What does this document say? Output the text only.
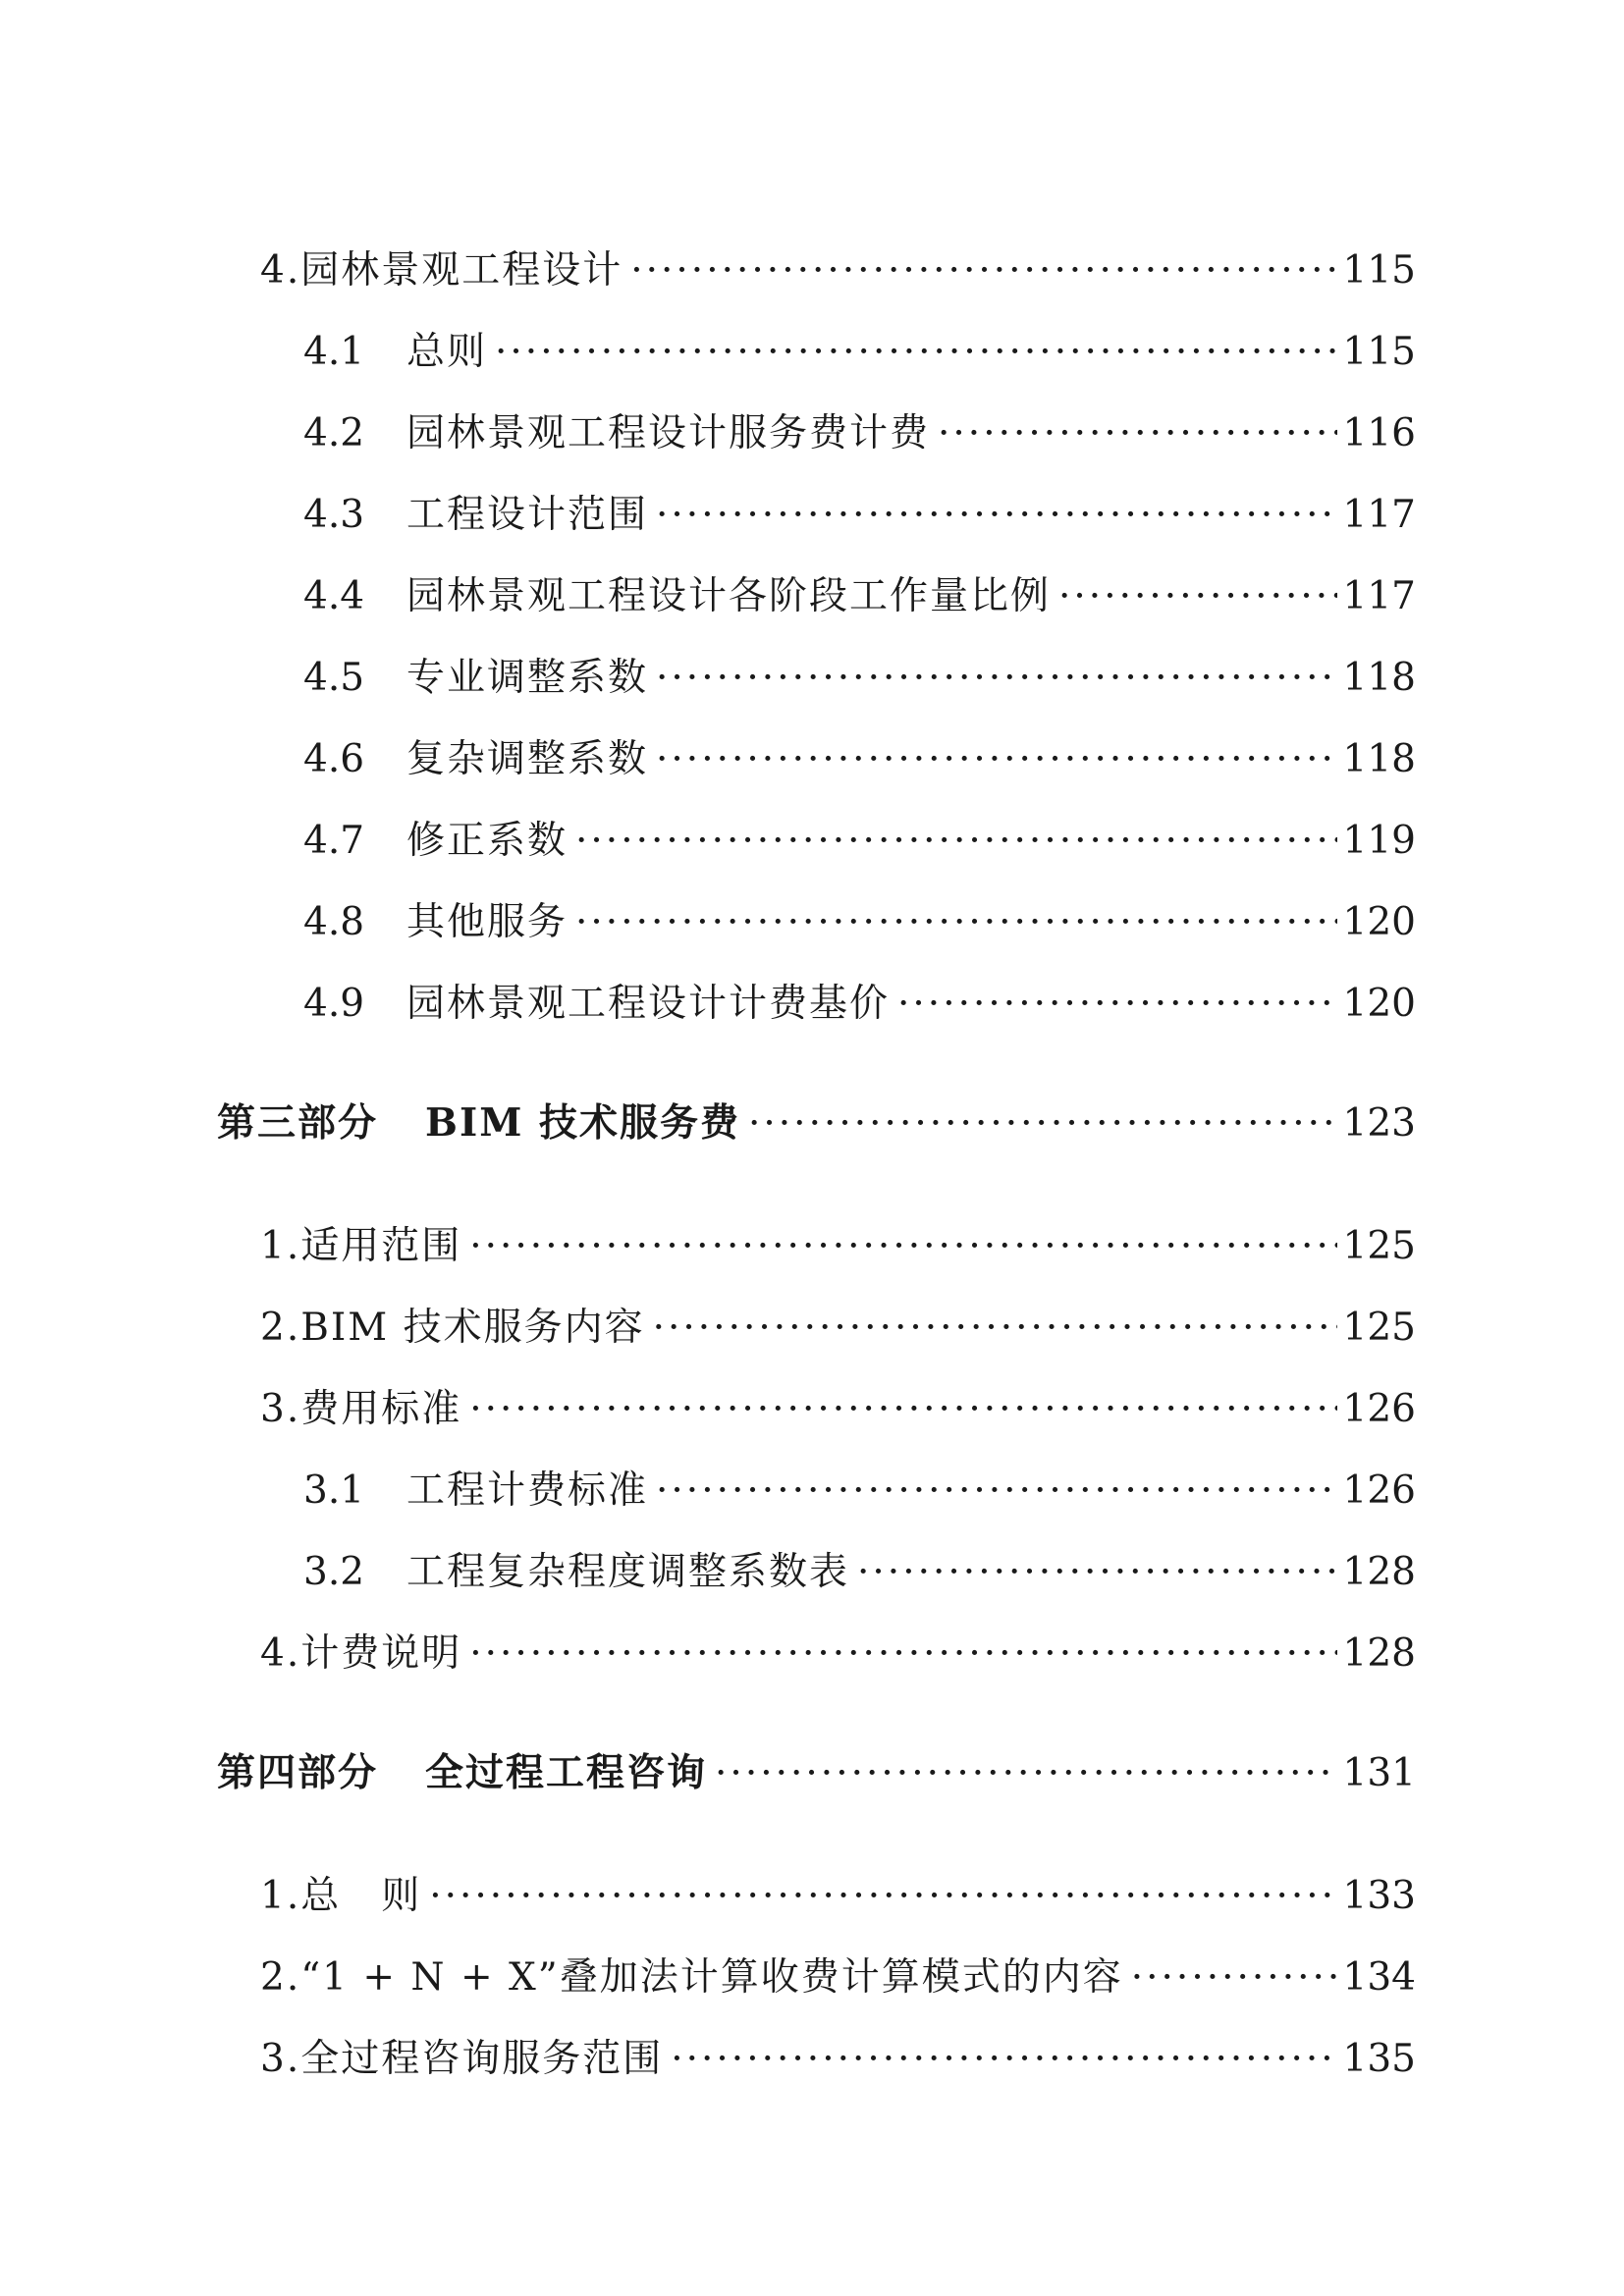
4.园林景观工程设计 ·····	115
4.1	总则 ·····	115
4.2	园林景观工程设计服务费计费 ·····	116
4.3	工程设计范围 ·····	117
4.4	园林景观工程设计各阶段工作量比例 ·····	117
4.5	专业调整系数 ·····	118
4.6	复杂调整系数 ·····	118
4.7	修正系数 ·····	119
4.8	其他服务 ·····	120
4.9	园林景观工程设计计费基价 ·····	120
第三部分 BIM 技术服务费 ·····	123
1.适用范围 ·····	125
2.BIM 技术服务内容 ·····	125
3.费用标准 ·····	126
3.1	工程计费标准 ·····	126
3.2	工程复杂程度调整系数表 ·····	128
4.计费说明 ·····	128
第四部分 全过程工程咨询 ·····	131
1.总　则 ·····	133
2.“1 + N + X”叠加法计算收费计算模式的内容 ·····	134
3.全过程咨询服务范围 ·····	135
